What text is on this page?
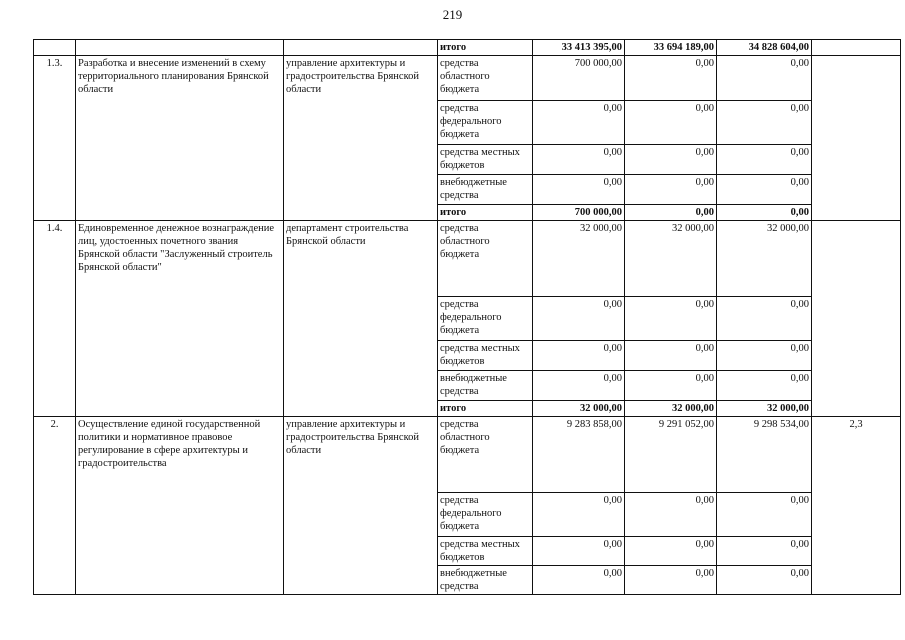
219
			итого	33 413 395,00	33 694 189,00	34 828 604,00	
1.3.	Разработка и внесение изменений в схему территориального планирования Брянской области	управление архитектуры и градостроительства Брянской области	средства областного бюджета	700 000,00	0,00	0,00	
			средства федерального бюджета	0,00	0,00	0,00	
			средства местных бюджетов	0,00	0,00	0,00	
			внебюджетные средства	0,00	0,00	0,00	
			итого	700 000,00	0,00	0,00	
1.4.	Единовременное денежное вознаграждение лиц, удостоенных почетного звания Брянской области "Заслуженный строитель Брянской области"	департамент строительства Брянской области	средства областного бюджета	32 000,00	32 000,00	32 000,00	
			средства федерального бюджета	0,00	0,00	0,00	
			средства местных бюджетов	0,00	0,00	0,00	
			внебюджетные средства	0,00	0,00	0,00	
			итого	32 000,00	32 000,00	32 000,00	
2.	Осуществление единой государственной политики и нормативное правовое регулирование в сфере архитектуры и градостроительства	управление архитектуры и градостроительства Брянской области	средства областного бюджета	9 283 858,00	9 291 052,00	9 298 534,00	2,3
			средства федерального бюджета	0,00	0,00	0,00	
			средства местных бюджетов	0,00	0,00	0,00	
			внебюджетные средства	0,00	0,00	0,00	
